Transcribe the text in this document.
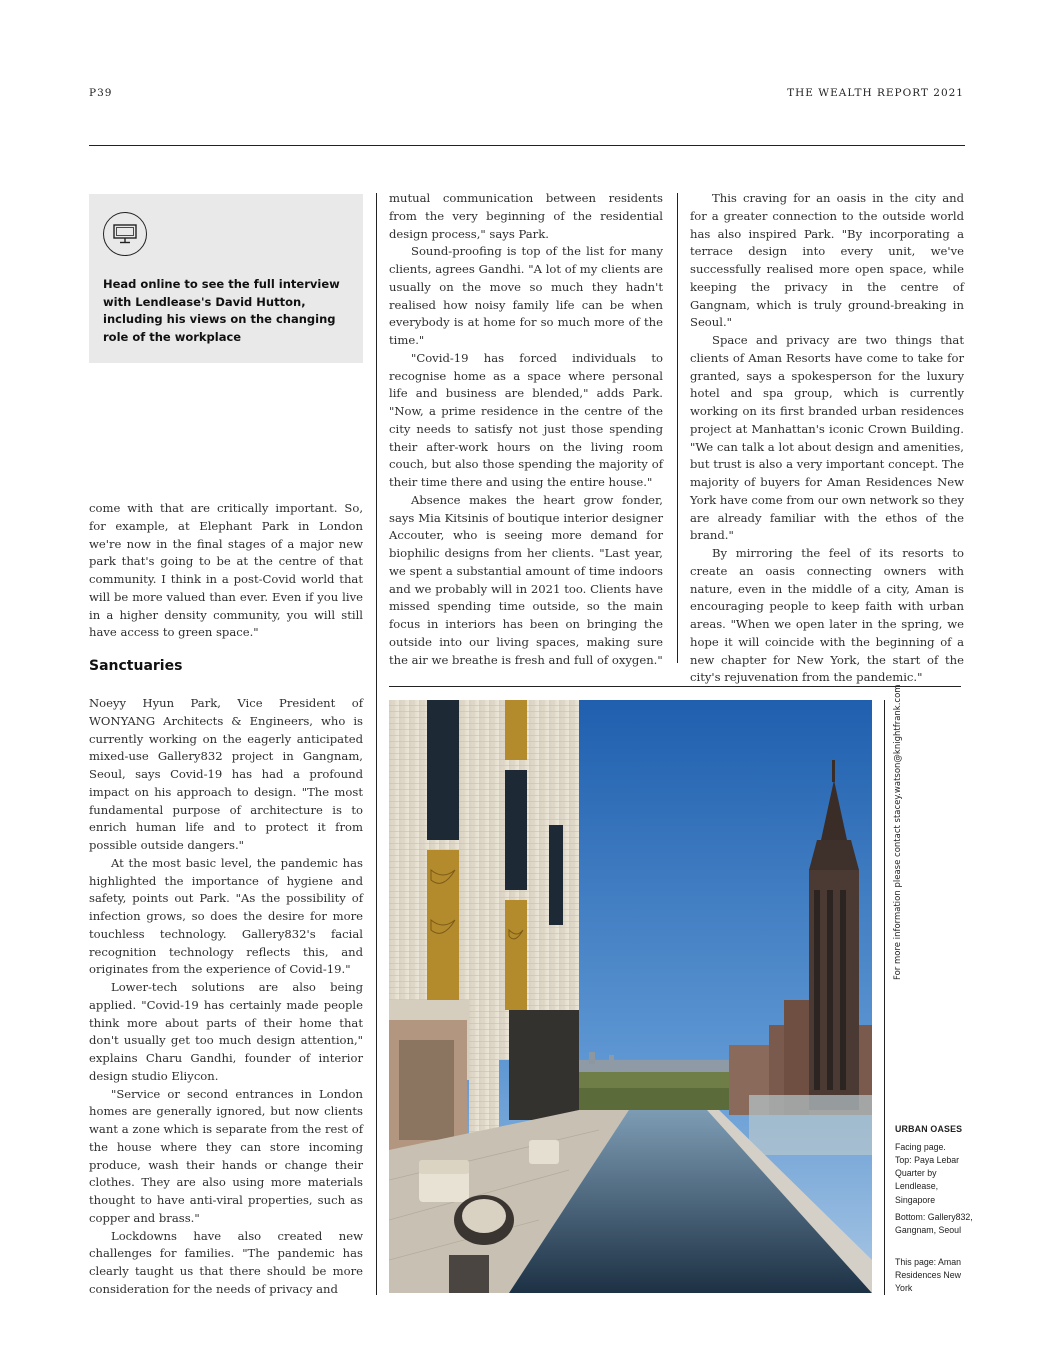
P39	THE WEALTH REPORT 2021
Head online to see the full interview with Lendlease's David Hutton, including his views on the changing role of the workplace

come with that are critically important. So, for example, at Elephant Park in London we're now in the final stages of a major new park that's going to be at the centre of that community. I think in a post-Covid world that will be more valued than ever. Even if you live in a higher density community, you will still have access to green space."

Sanctuaries

Noeyy Hyun Park, Vice President of WONYANG Architects & Engineers, who is currently working on the eagerly anticipated mixed-use Gallery832 project in Gangnam, Seoul, says Covid-19 has had a profound impact on his approach to design. "The most fundamental purpose of architecture is to enrich human life and to protect it from possible outside dangers."

At the most basic level, the pandemic has highlighted the importance of hygiene and safety, points out Park. "As the possibility of infection grows, so does the desire for more touchless technology. Gallery832's facial recognition technology reflects this, and originates from the experience of Covid-19."

Lower-tech solutions are also being applied. "Covid-19 has certainly made people think more about parts of their home that don't usually get too much design attention," explains Charu Gandhi, founder of interior design studio Eliycon.

"Service or second entrances in London homes are generally ignored, but now clients want a zone which is separate from the rest of the house where they can store incoming produce, wash their hands or change their clothes. They are also using more materials thought to have anti-viral properties, such as copper and brass."

Lockdowns have also created new challenges for families. "The pandemic has clearly taught us that there should be more consideration for the needs of privacy and

mutual communication between residents from the very beginning of the residential design process," says Park.

Sound-proofing is top of the list for many clients, agrees Gandhi. "A lot of my clients are usually on the move so much they hadn't realised how noisy family life can be when everybody is at home for so much more of the time."

"Covid-19 has forced individuals to recognise home as a space where personal life and business are blended," adds Park. "Now, a prime residence in the centre of the city needs to satisfy not just those spending their after-work hours on the living room couch, but also those spending the majority of their time there and using the entire house."

Absence makes the heart grow fonder, says Mia Kitsinis of boutique interior designer Accouter, who is seeing more demand for biophilic designs from her clients. "Last year, we spent a substantial amount of time indoors and we probably will in 2021 too. Clients have missed spending time outside, so the main focus in interiors has been on bringing the outside into our living spaces, making sure the air we breathe is fresh and full of oxygen."

This craving for an oasis in the city and for a greater connection to the outside world has also inspired Park. "By incorporating a terrace design into every unit, we've successfully realised more open space, while keeping the privacy in the centre of Gangnam, which is truly ground-breaking in Seoul."

Space and privacy are two things that clients of Aman Resorts have come to take for granted, says a spokesperson for the luxury hotel and spa group, which is currently working on its first branded urban residences project at Manhattan's iconic Crown Building. "We can talk a lot about design and amenities, but trust is also a very important concept. The majority of buyers for Aman Residences New York have come from our own network so they are already familiar with the ethos of the brand."

By mirroring the feel of its resorts to create an oasis connecting owners with nature, even in the middle of a city, Aman is encouraging people to keep faith with urban areas. "When we open later in the spring, we hope it will coincide with the beginning of a new chapter for New York, the start of the city's rejuvenation from the pandemic."

For more information please contact stacey.watson@knightfrank.com
URBAN OASES
Facing page.
Top: Paya Lebar Quarter by Lendlease, Singapore
Bottom: Gallery832, Gangnam, Seoul
This page: Aman Residences New York
